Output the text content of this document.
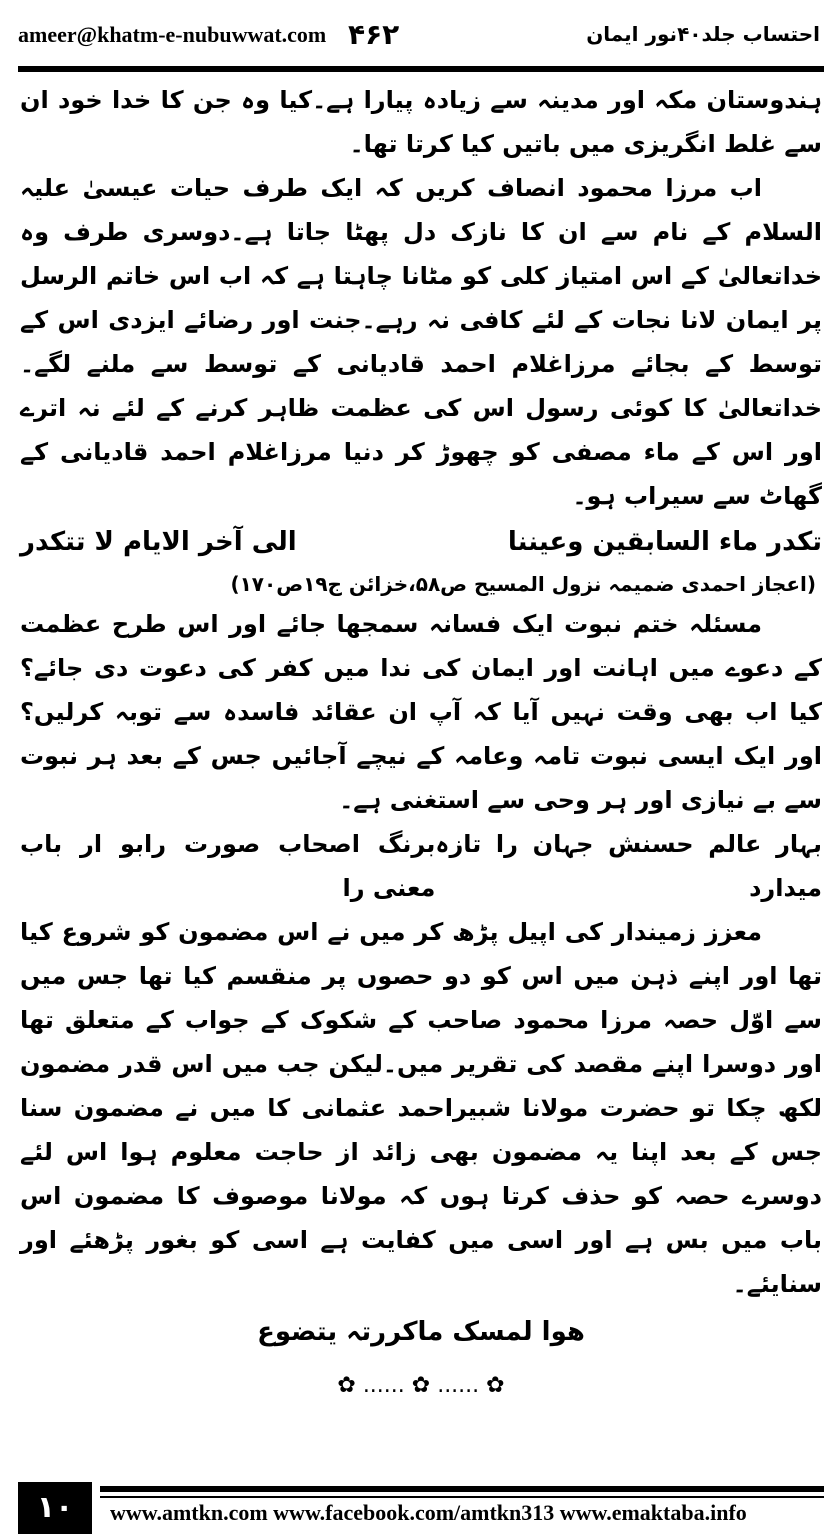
ameer@khatm-e-nubuwwat.com ۴۶۲	احتساب جلد۴۰نور ایمان

ہندوستان مکہ اور مدینہ سے زیادہ پیارا ہے۔کیا وہ جن کا خدا خود ان سے غلط انگریزی میں باتیں کیا کرتا تھا۔

اب مرزا محمود انصاف کریں کہ ایک طرف حیات عیسیٰ علیہ السلام کے نام سے ان کا نازک دل پھٹا جاتا ہے۔دوسری طرف وہ خداتعالیٰ کے اس امتیاز کلی کو مٹانا چاہتا ہے کہ اب اس خاتم الرسل پر ایمان لانا نجات کے لئے کافی نہ رہے۔جنت اور رضائے ایزدی اس کے توسط کے بجائے مرزاغلام احمد قادیانی کے توسط سے ملنے لگے۔خداتعالیٰ کا کوئی رسول اس کی عظمت ظاہر کرنے کے لئے نہ اترے اور اس کے ماء مصفی کو چھوڑ کر دنیا مرزاغلام احمد قادیانی کے گھاٹ سے سیراب ہو۔

تکدر ماء السابقین وعیننا
الی آخر الایام لا تتکدر
(اعجاز احمدی ضمیمہ نزول المسیح ص۵۸،خزائن ج۱۹ص۱۷۰)

مسئلہ ختم نبوت ایک فسانہ سمجھا جائے اور اس طرح عظمت کے دعوے میں اہانت اور ایمان کی ندا میں کفر کی دعوت دی جائے؟ کیا اب بھی وقت نہیں آیا کہ آپ ان عقائد فاسدہ سے توبہ کرلیں؟ اور ایک ایسی نبوت تامہ وعامہ کے نیچے آجائیں جس کے بعد ہر نبوت سے بے نیازی اور ہر وحی سے استغنی ہے۔

بہار عالم حسنش جہان را تازہ میدارد
برنگ اصحاب صورت رابو ار باب معنی را

معزز زمیندار کی اپیل پڑھ کر میں نے اس مضمون کو شروع کیا تھا اور اپنے ذہن میں اس کو دو حصوں پر منقسم کیا تھا جس میں سے اوّل حصہ مرزا محمود صاحب کے شکوک کے جواب کے متعلق تھا اور دوسرا اپنے مقصد کی تقریر میں۔لیکن جب میں اس قدر مضمون لکھ چکا تو حضرت مولانا شبیراحمد عثمانی کا میں نے مضمون سنا جس کے بعد اپنا یہ مضمون بھی زائد از حاجت معلوم ہوا اس لئے دوسرے حصہ کو حذف کرتا ہوں کہ مولانا موصوف کا مضمون اس باب میں بس ہے اور اسی میں کفایت ہے اسی کو بغور پڑھئے اور سنایئے۔

ھوا لمسک ماکررتہ یتضوع
✿ ...... ✿ ...... ✿
۱۰	www.amtkn.com www.facebook.com/amtkn313 www.emaktaba.info
